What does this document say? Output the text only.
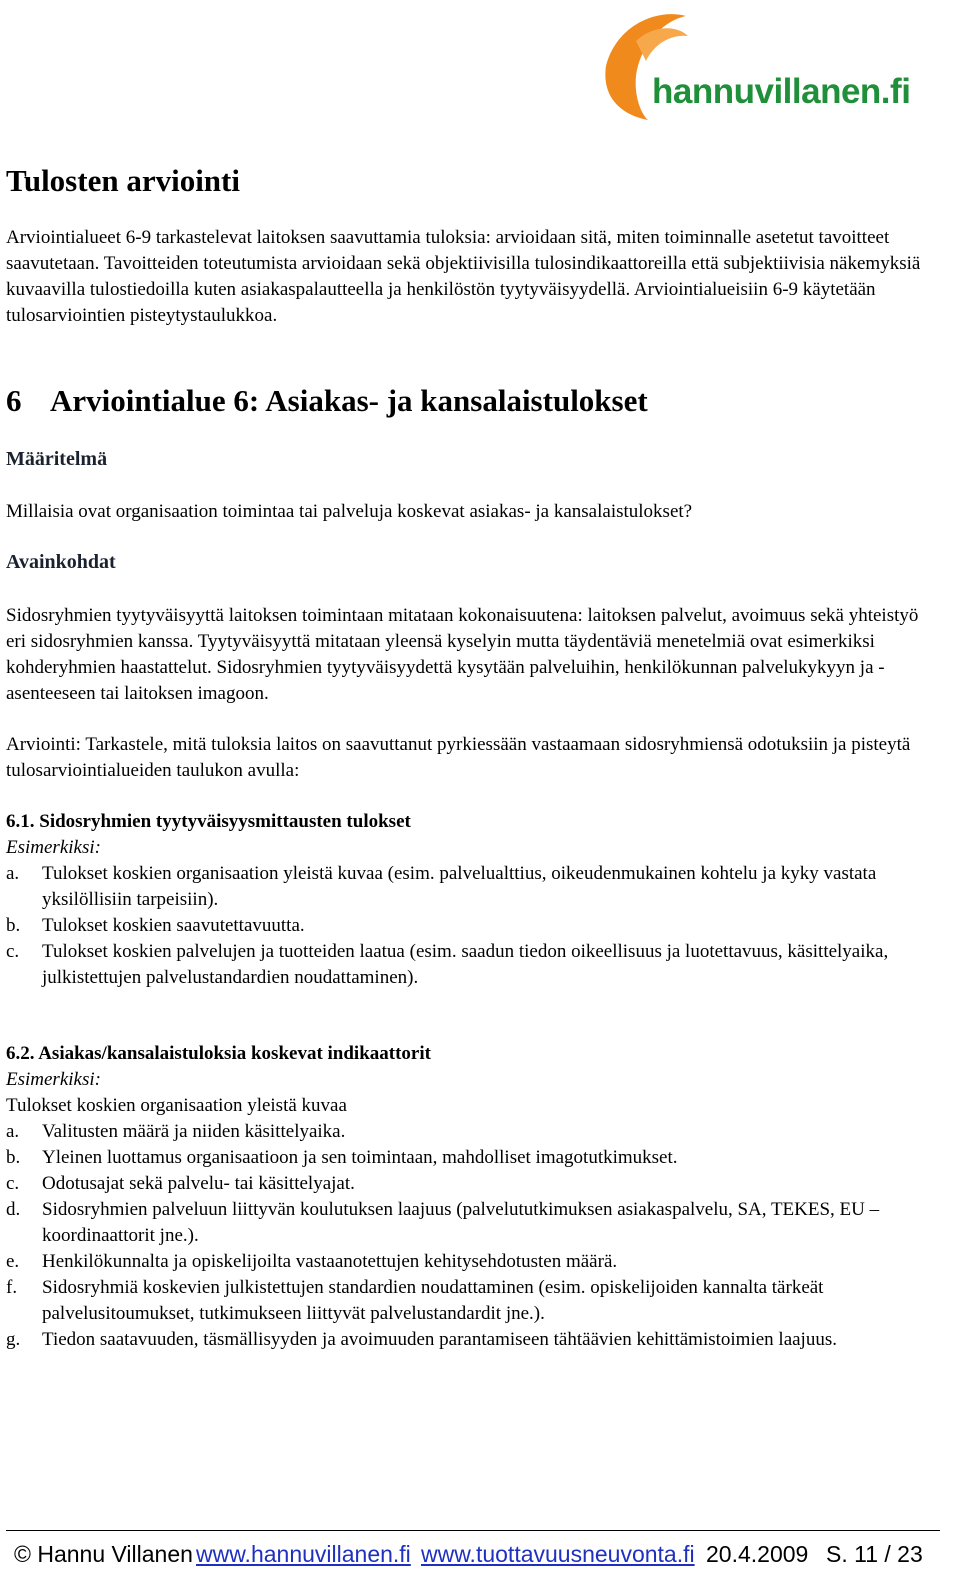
hannuvillanen.fi
Tulosten arviointi

Arviointialueet 6-9 tarkastelevat laitoksen saavuttamia tuloksia: arvioidaan sitä, miten toiminnalle asetetut tavoitteet saavutetaan. Tavoitteiden toteutumista arvioidaan sekä objektiivisilla tulosindikaattoreilla että subjektiivisia näkemyksiä kuvaavilla tulostiedoilla kuten asiakaspalautteella ja henkilöstön tyytyväisyydellä. Arviointialueisiin 6-9 käytetään tulosarviointien pisteytystaulukkoa.

6 Arviointialue 6: Asiakas- ja kansalaistulokset
Määritelmä

Millaisia ovat organisaation toimintaa tai palveluja koskevat asiakas- ja kansalaistulokset?

Avainkohdat

Sidosryhmien tyytyväisyyttä laitoksen toimintaan mitataan kokonaisuutena: laitoksen palvelut, avoimuus sekä yhteistyö eri sidosryhmien kanssa. Tyytyväisyyttä mitataan yleensä kyselyin mutta täydentäviä menetelmiä ovat esimerkiksi kohderyhmien haastattelut. Sidosryhmien tyytyväisyydettä kysytään palveluihin, henkilökunnan palvelukykyyn ja -asenteeseen tai laitoksen imagoon.

Arviointi: Tarkastele, mitä tuloksia laitos on saavuttanut pyrkiessään vastaamaan sidosryhmiensä odotuksiin ja pisteytä tulosarviointialueiden taulukon avulla:

6.1. Sidosryhmien tyytyväisyysmittausten tulokset
Esimerkiksi:
a.	Tulokset koskien organisaation yleistä kuvaa (esim. palvelualttius, oikeudenmukainen kohtelu ja kyky vastata yksilöllisiin tarpeisiin).
b.	Tulokset koskien saavutettavuutta.
c.	Tulokset koskien palvelujen ja tuotteiden laatua (esim. saadun tiedon oikeellisuus ja luotettavuus, käsittelyaika, julkistettujen palvelustandardien noudattaminen).
6.2. Asiakas/kansalaistuloksia koskevat indikaattorit
Esimerkiksi:
Tulokset koskien organisaation yleistä kuvaa
a.	Valitusten määrä ja niiden käsittelyaika.
b.	Yleinen luottamus organisaatioon ja sen toimintaan, mahdolliset imagotutkimukset.
c.	Odotusajat sekä palvelu- tai käsittelyajat.
d.	Sidosryhmien palveluun liittyvän koulutuksen laajuus (palvelututkimuksen asiakaspalvelu, SA, TEKES, EU –koordinaattorit jne.).
e.	Henkilökunnalta ja opiskelijoilta vastaanotettujen kehitysehdotusten määrä.
f.	Sidosryhmiä koskevien julkistettujen standardien noudattaminen (esim. opiskelijoiden kannalta tärkeät palvelusitoumukset, tutkimukseen liittyvät palvelustandardit jne.).
g.	Tiedon saatavuuden, täsmällisyyden ja avoimuuden parantamiseen tähtäävien kehittämistoimien laajuus.
© Hannu Villanen www.hannuvillanen.fi www.tuottavuusneuvonta.fi 20.4.2009 S. 11 / 23
